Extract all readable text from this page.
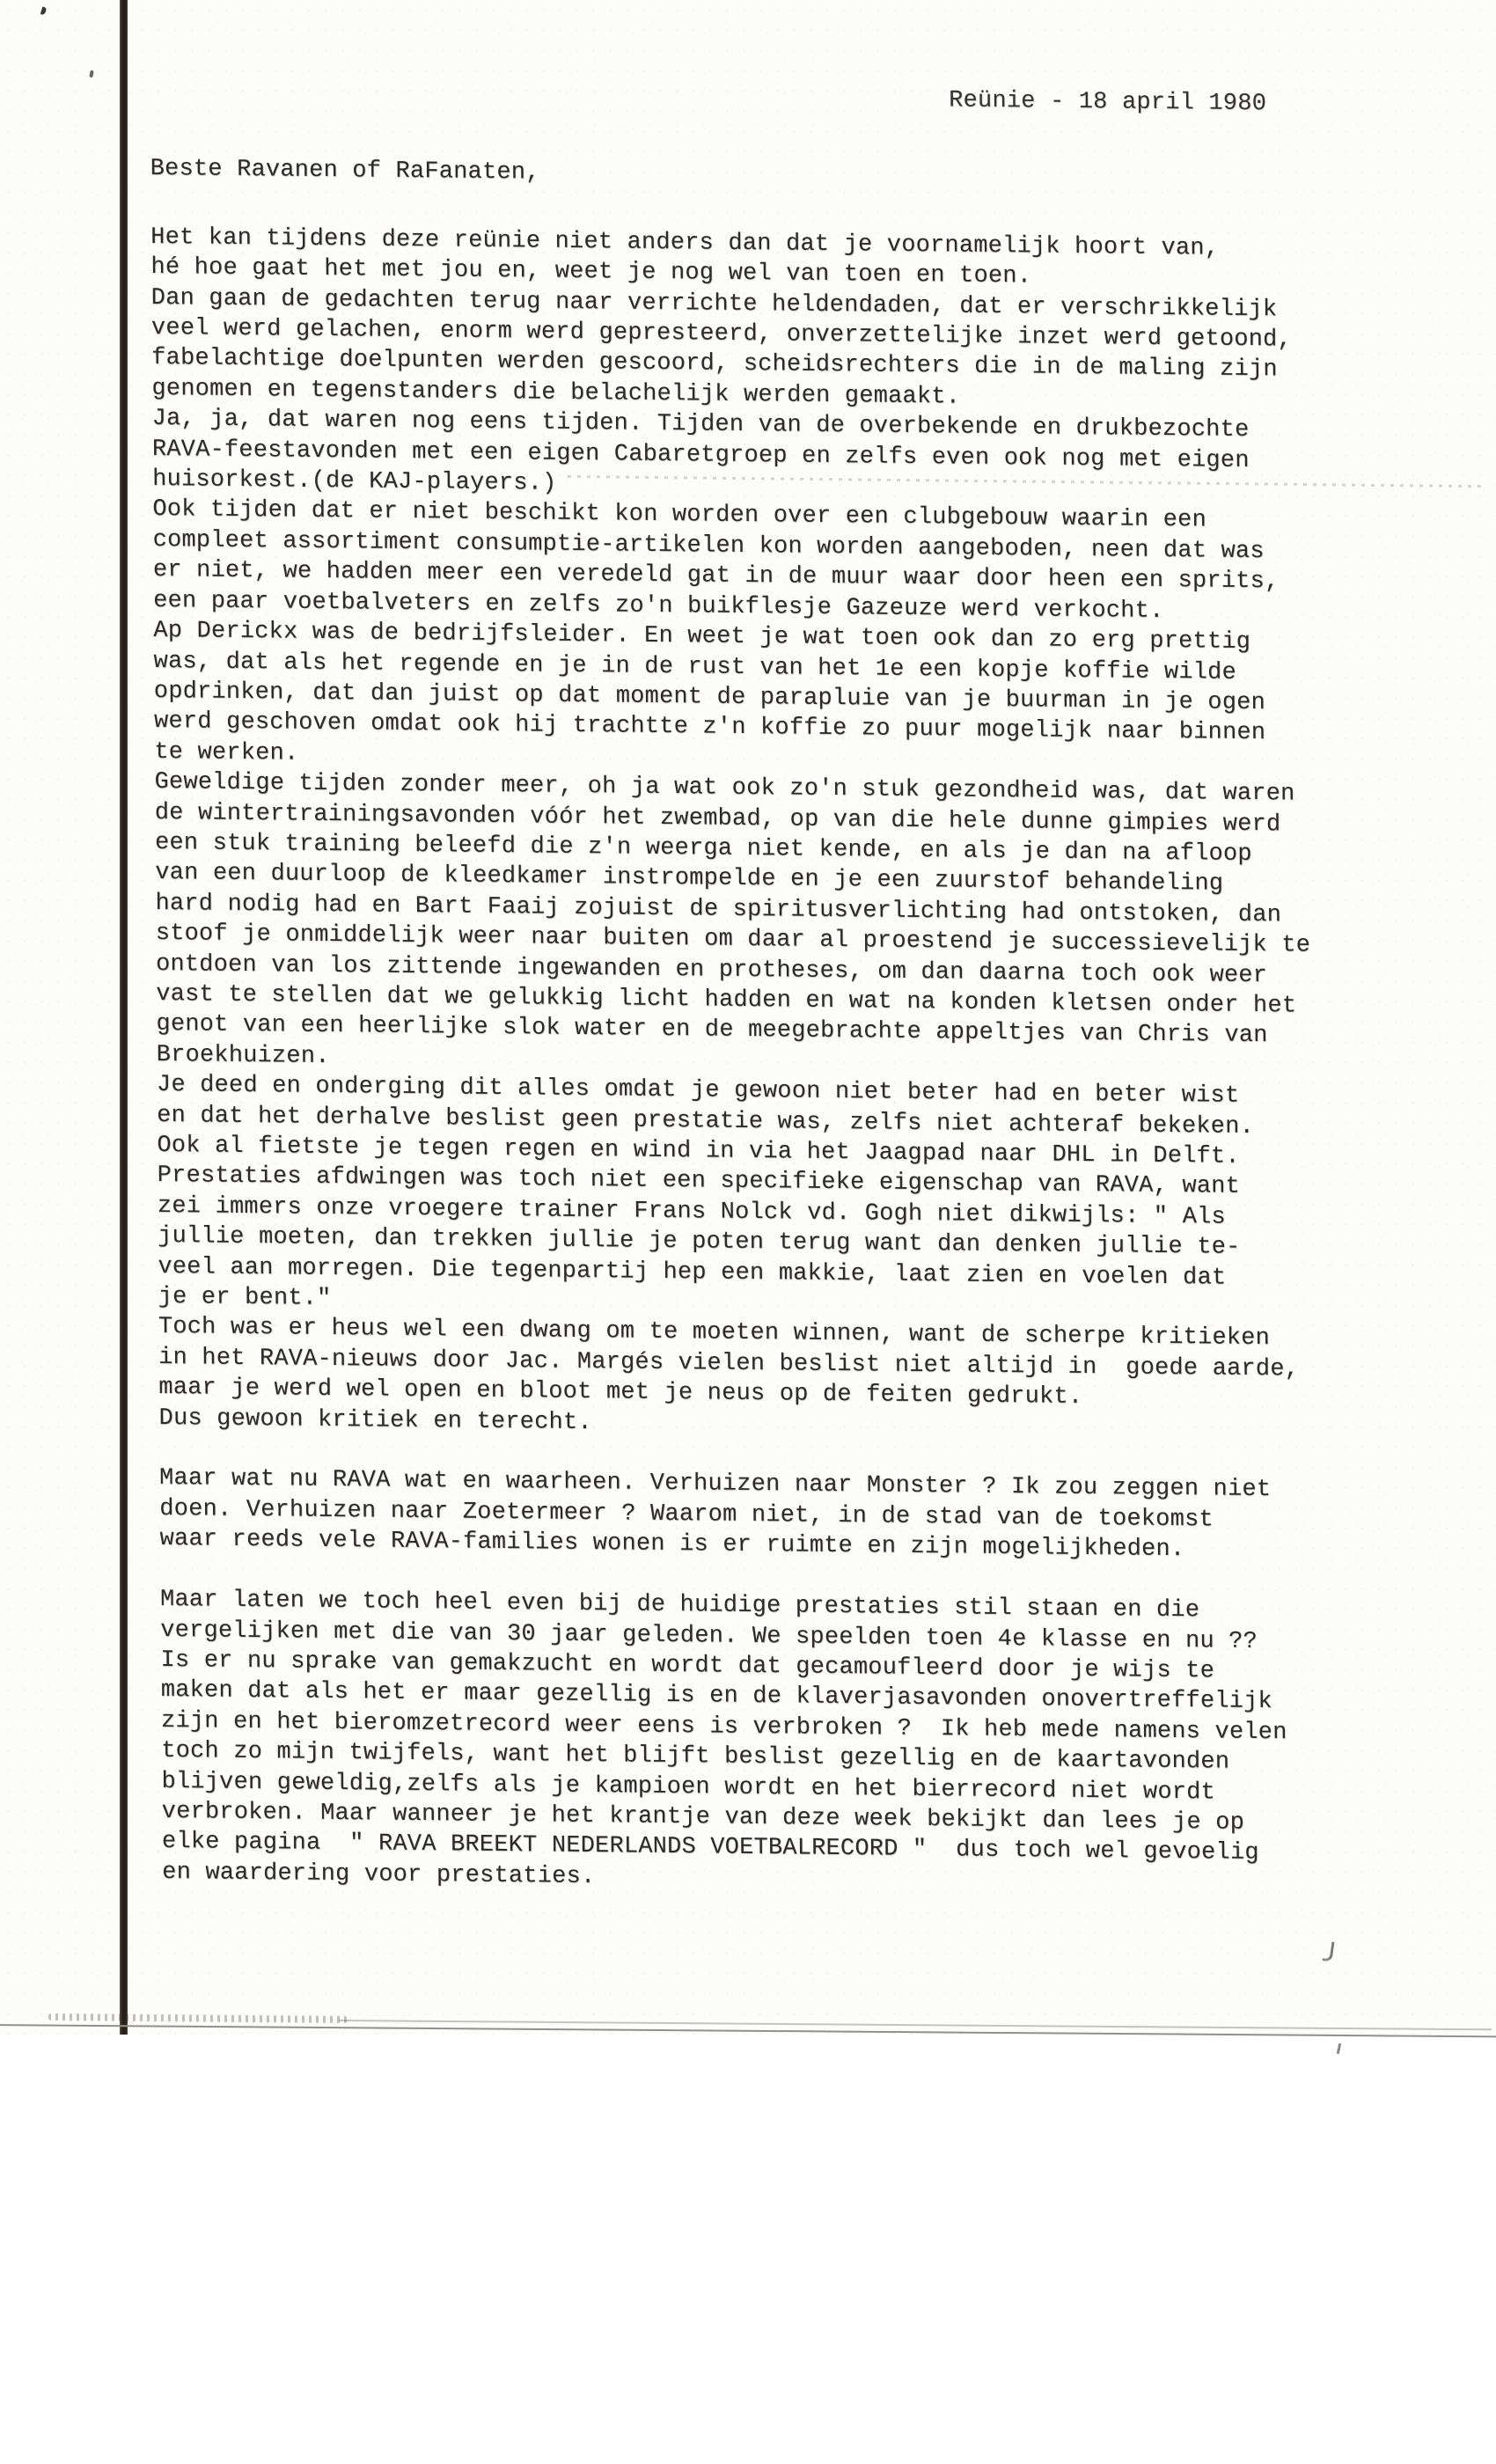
Reünie - 18 april 1980
Beste Ravanen of RaFanaten,
Het kan tijdens deze reünie niet anders dan dat je voornamelijk hoort van,
hé hoe gaat het met jou en, weet je nog wel van toen en toen.
Dan gaan de gedachten terug naar verrichte heldendaden, dat er verschrikkelijk
veel werd gelachen, enorm werd gepresteerd, onverzettelijke inzet werd getoond,
fabelachtige doelpunten werden gescoord, scheidsrechters die in de maling zijn
genomen en tegenstanders die belachelijk werden gemaakt.
Ja, ja, dat waren nog eens tijden. Tijden van de overbekende en drukbezochte
RAVA-feestavonden met een eigen Cabaretgroep en zelfs even ook nog met eigen
huisorkest.(de KAJ-players.)
Ook tijden dat er niet beschikt kon worden over een clubgebouw waarin een
compleet assortiment consumptie-artikelen kon worden aangeboden, neen dat was
er niet, we hadden meer een veredeld gat in de muur waar door heen een sprits,
een paar voetbalveters en zelfs zo'n buikflesje Gazeuze werd verkocht.
Ap Derickx was de bedrijfsleider. En weet je wat toen ook dan zo erg prettig
was, dat als het regende en je in de rust van het 1e een kopje koffie wilde
opdrinken, dat dan juist op dat moment de parapluie van je buurman in je ogen
werd geschoven omdat ook hij trachtte z'n koffie zo puur mogelijk naar binnen
te werken.
Geweldige tijden zonder meer, oh ja wat ook zo'n stuk gezondheid was, dat waren
de wintertrainingsavonden vóór het zwembad, op van die hele dunne gimpies werd
een stuk training beleefd die z'n weerga niet kende, en als je dan na afloop
van een duurloop de kleedkamer instrompelde en je een zuurstof behandeling
hard nodig had en Bart Faaij zojuist de spiritusverlichting had ontstoken, dan
stoof je onmiddelijk weer naar buiten om daar al proestend je successievelijk te
ontdoen van los zittende ingewanden en protheses, om dan daarna toch ook weer
vast te stellen dat we gelukkig licht hadden en wat na konden kletsen onder het
genot van een heerlijke slok water en de meegebrachte appeltjes van Chris van
Broekhuizen.
Je deed en onderging dit alles omdat je gewoon niet beter had en beter wist
en dat het derhalve beslist geen prestatie was, zelfs niet achteraf bekeken.
Ook al fietste je tegen regen en wind in via het Jaagpad naar DHL in Delft.
Prestaties afdwingen was toch niet een specifieke eigenschap van RAVA, want
zei immers onze vroegere trainer Frans Nolck vd. Gogh niet dikwijls: " Als
jullie moeten, dan trekken jullie je poten terug want dan denken jullie te-
veel aan morregen. Die tegenpartij hep een makkie, laat zien en voelen dat
je er bent."
Toch was er heus wel een dwang om te moeten winnen, want de scherpe kritieken
in het RAVA-nieuws door Jac. Margés vielen beslist niet altijd in  goede aarde,
maar je werd wel open en bloot met je neus op de feiten gedrukt.
Dus gewoon kritiek en terecht.

Maar wat nu RAVA wat en waarheen. Verhuizen naar Monster ? Ik zou zeggen niet
doen. Verhuizen naar Zoetermeer ? Waarom niet, in de stad van de toekomst
waar reeds vele RAVA-families wonen is er ruimte en zijn mogelijkheden.

Maar laten we toch heel even bij de huidige prestaties stil staan en die
vergelijken met die van 30 jaar geleden. We speelden toen 4e klasse en nu ??
Is er nu sprake van gemakzucht en wordt dat gecamoufleerd door je wijs te
maken dat als het er maar gezellig is en de klaverjasavonden onovertreffelijk
zijn en het bieromzetrecord weer eens is verbroken ?  Ik heb mede namens velen
toch zo mijn twijfels, want het blijft beslist gezellig en de kaartavonden
blijven geweldig,zelfs als je kampioen wordt en het bierrecord niet wordt
verbroken. Maar wanneer je het krantje van deze week bekijkt dan lees je op
elke pagina  " RAVA BREEKT NEDERLANDS VOETBALRECORD "  dus toch wel gevoelig
en waardering voor prestaties.
